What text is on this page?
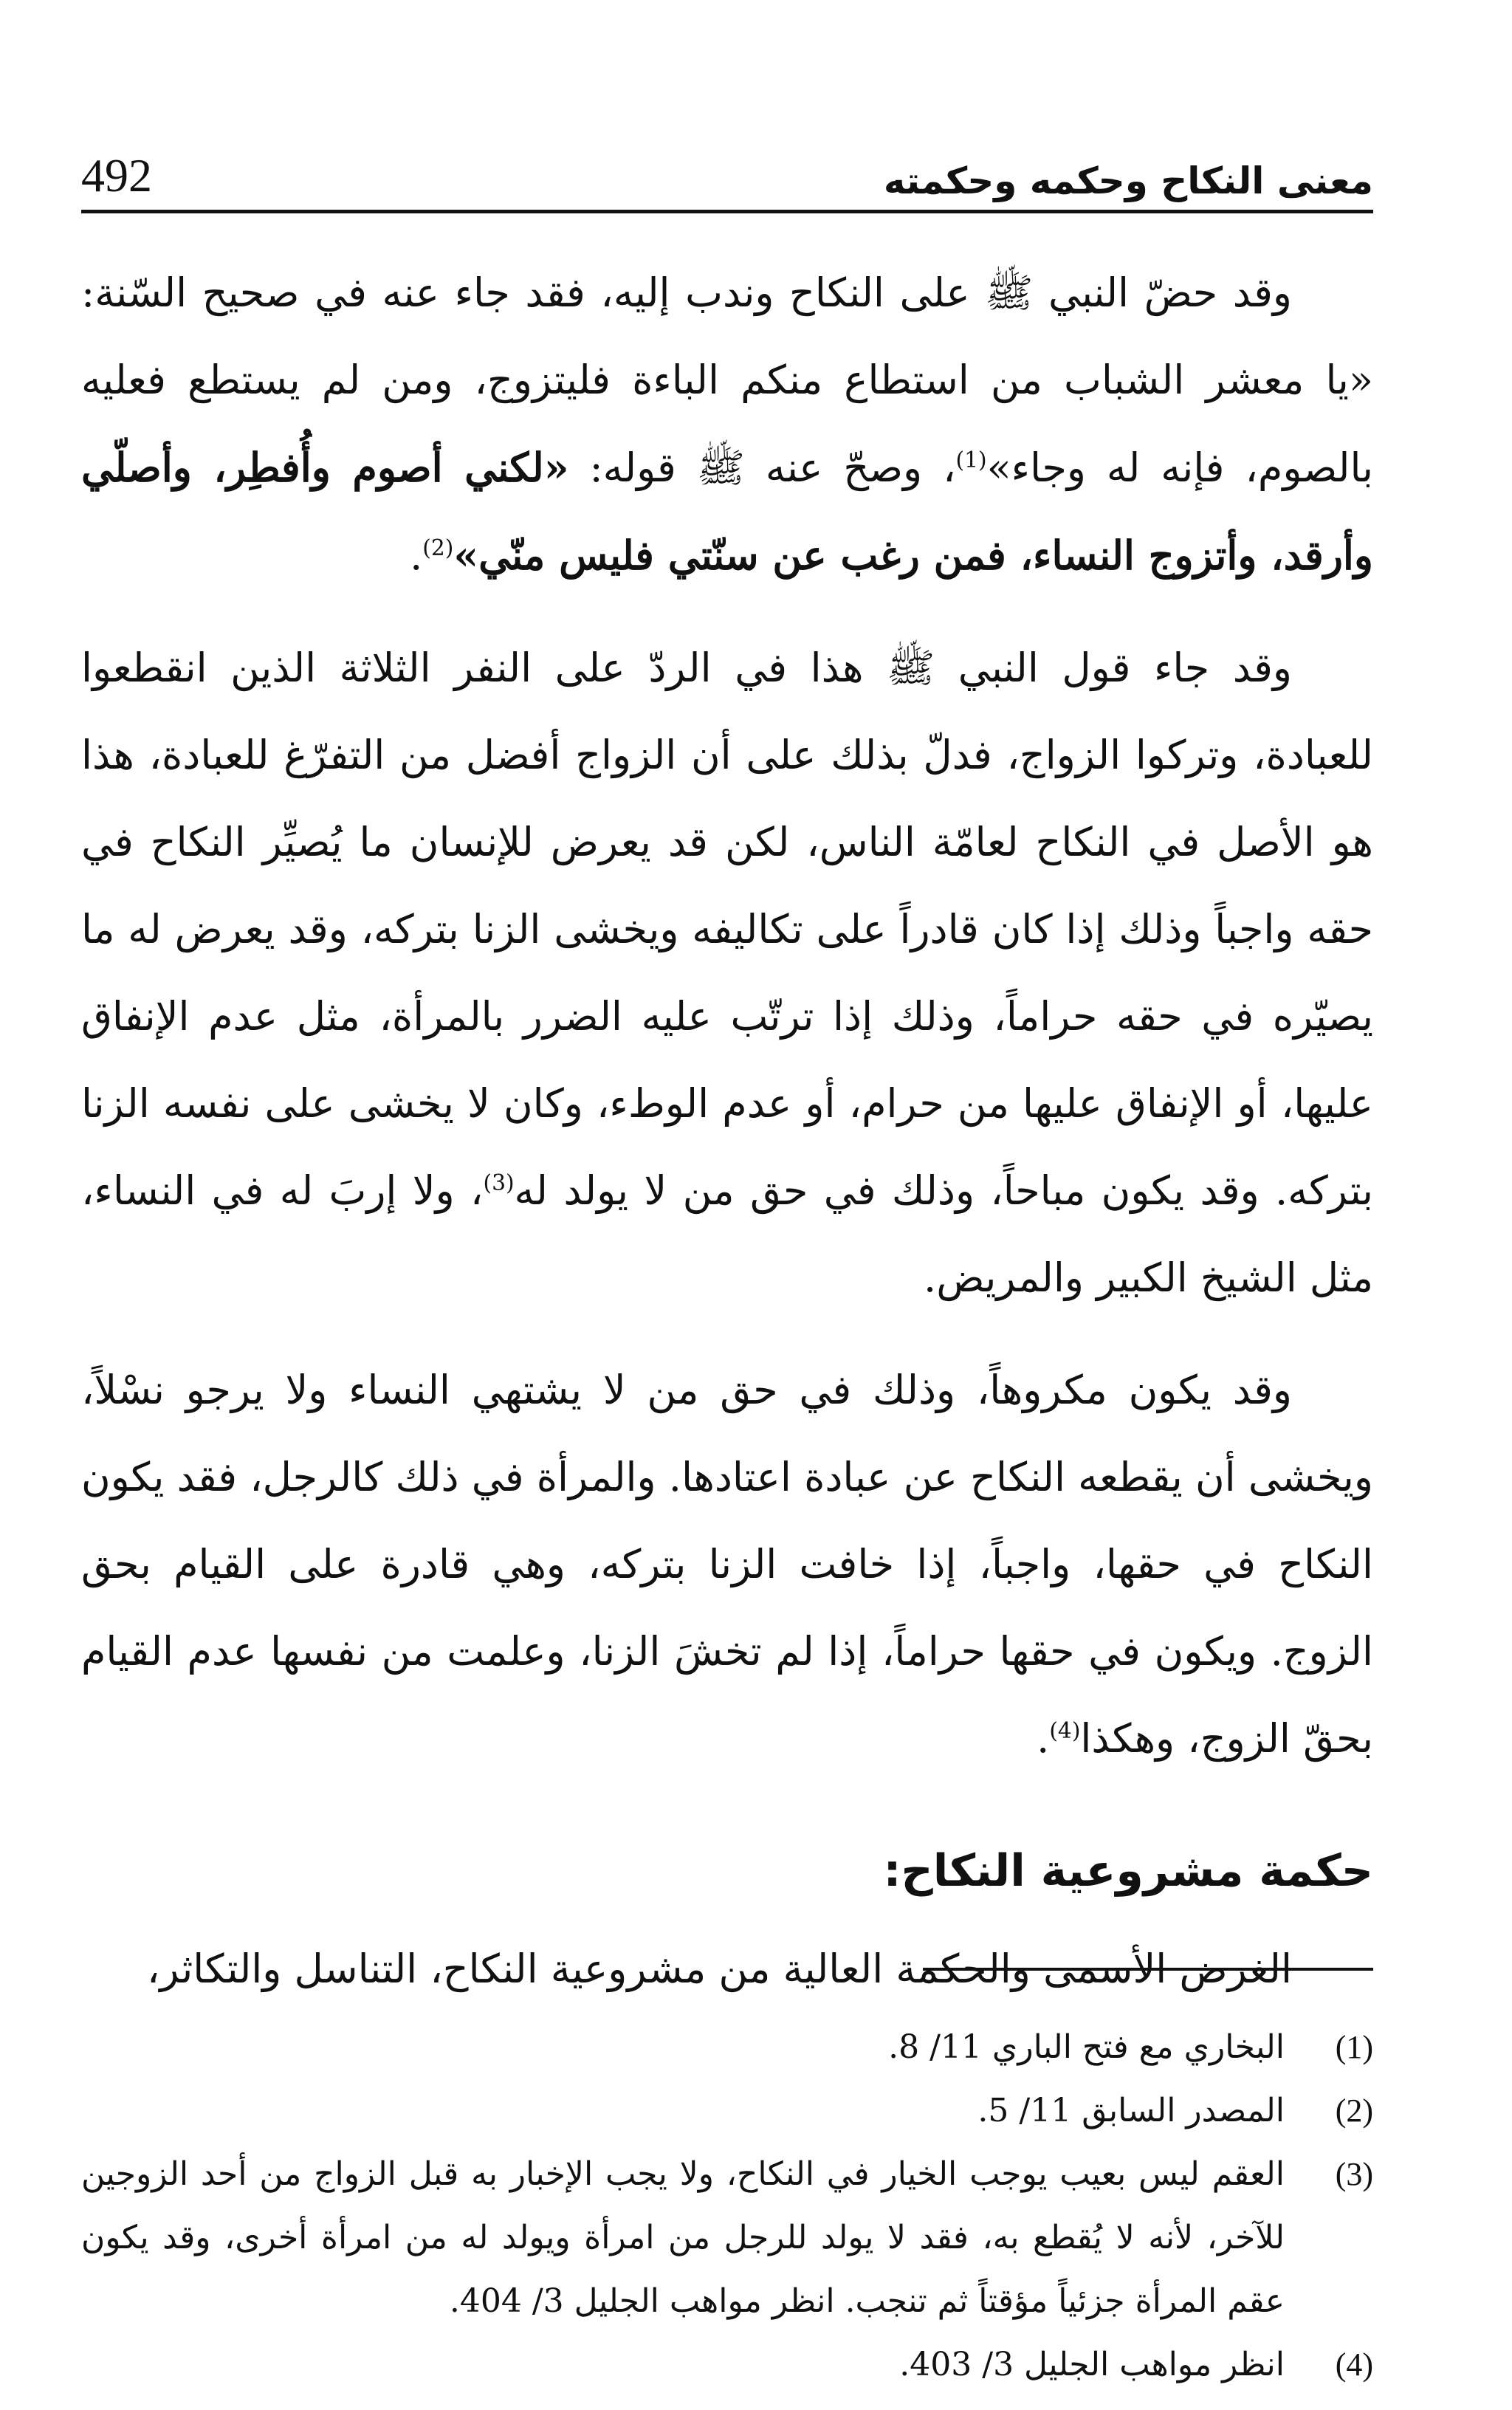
معنى النكاح وحكمه وحكمته
492

وقد حضّ النبي ﷺ على النكاح وندب إليه، فقد جاء عنه في صحيح السّنة: «يا معشر الشباب من استطاع منكم الباءة فليتزوج، ومن لم يستطع فعليه بالصوم، فإنه له وجاء»$^{(1)}$، وصحّ عنه ﷺ قوله: «لكني أصوم وأُفطِر، وأصلّي وأرقد، وأتزوج النساء، فمن رغب عن سنّتي فليس منّي»$^{(2)}$.

وقد جاء قول النبي ﷺ هذا في الردّ على النفر الثلاثة الذين انقطعوا للعبادة، وتركوا الزواج، فدلّ بذلك على أن الزواج أفضل من التفرّغ للعبادة، هذا هو الأصل في النكاح لعامّة الناس، لكن قد يعرض للإنسان ما يُصيِّر النكاح في حقه واجباً وذلك إذا كان قادراً على تكاليفه ويخشى الزنا بتركه، وقد يعرض له ما يصيّره في حقه حراماً، وذلك إذا ترتّب عليه الضرر بالمرأة، مثل عدم الإنفاق عليها، أو الإنفاق عليها من حرام، أو عدم الوطء، وكان لا يخشى على نفسه الزنا بتركه. وقد يكون مباحاً، وذلك في حق من لا يولد له$^{(3)}$، ولا إربَ له في النساء، مثل الشيخ الكبير والمريض.

وقد يكون مكروهاً، وذلك في حق من لا يشتهي النساء ولا يرجو نسْلاً، ويخشى أن يقطعه النكاح عن عبادة اعتادها. والمرأة في ذلك كالرجل، فقد يكون النكاح في حقها، واجباً، إذا خافت الزنا بتركه، وهي قادرة على القيام بحق الزوج. ويكون في حقها حراماً، إذا لم تخشَ الزنا، وعلمت من نفسها عدم القيام بحقّ الزوج، وهكذا$^{(4)}$.

حكمة مشروعية النكاح:

الغرض الأسمى والحكمة العالية من مشروعية النكاح، التناسل والتكاثر،

(1)
البخاري مع فتح الباري 11/ 8.

(2)
المصدر السابق 11/ 5.

(3)
العقم ليس بعيب يوجب الخيار في النكاح، ولا يجب الإخبار به قبل الزواج من أحد الزوجين للآخر، لأنه لا يُقطع به، فقد لا يولد للرجل من امرأة ويولد له من امرأة أخرى، وقد يكون عقم المرأة جزئياً مؤقتاً ثم تنجب. انظر مواهب الجليل 3/ 404.

(4)
انظر مواهب الجليل 3/ 403.
